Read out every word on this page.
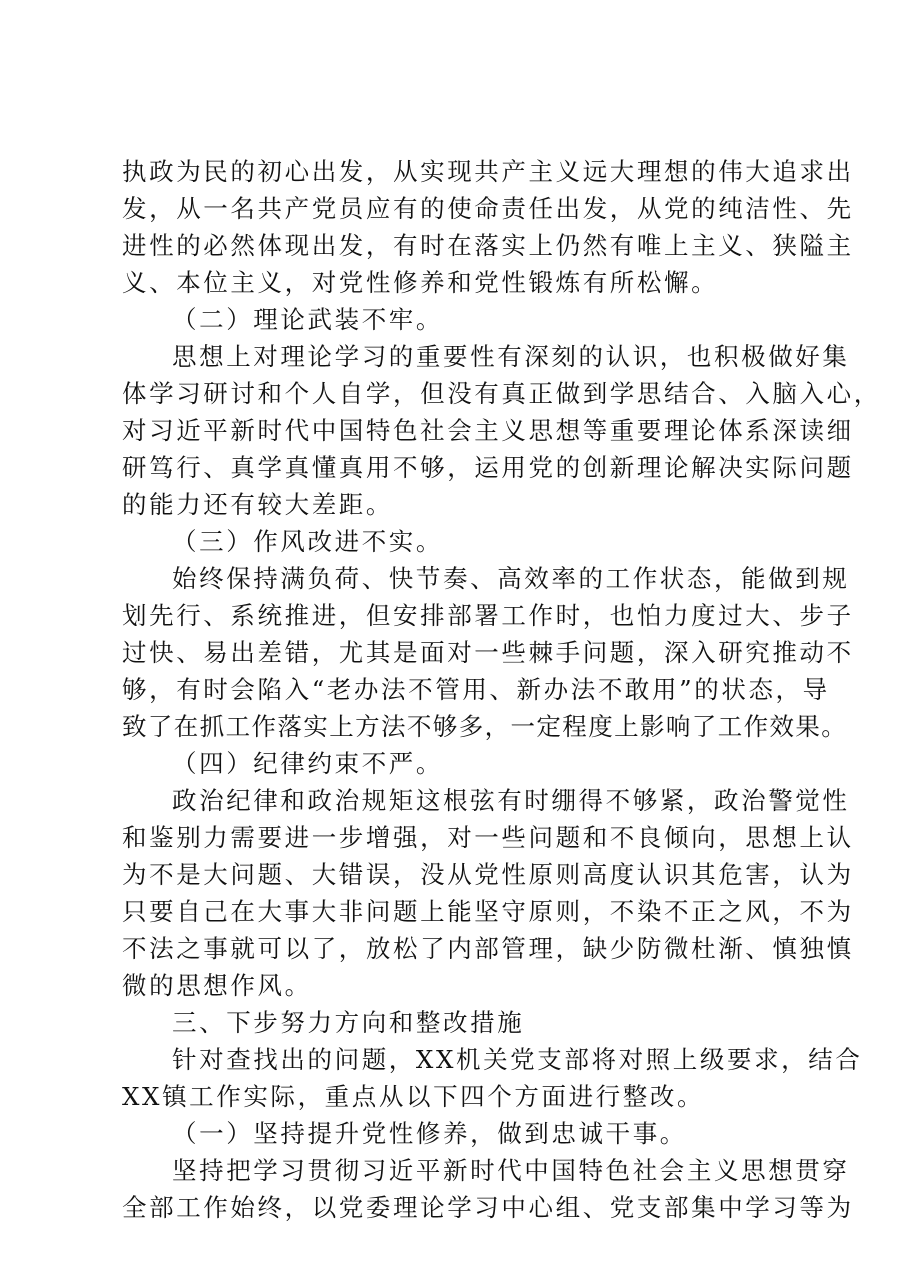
执政为民的初心出发，从实现共产主义远大理想的伟大追求出
发，从一名共产党员应有的使命责任出发，从党的纯洁性、先
进性的必然体现出发，有时在落实上仍然有唯上主义、狭隘主
义、本位主义，对党性修养和党性锻炼有所松懈。
（二）理论武装不牢。
思想上对理论学习的重要性有深刻的认识，也积极做好集
体学习研讨和个人自学，但没有真正做到学思结合、入脑入心，
对习近平新时代中国特色社会主义思想等重要理论体系深读细
研笃行、真学真懂真用不够，运用党的创新理论解决实际问题
的能力还有较大差距。
（三）作风改进不实。
始终保持满负荷、快节奏、高效率的工作状态，能做到规
划先行、系统推进，但安排部署工作时，也怕力度过大、步子
过快、易出差错，尤其是面对一些棘手问题，深入研究推动不
够，有时会陷入“老办法不管用、新办法不敢用”的状态，导
致了在抓工作落实上方法不够多，一定程度上影响了工作效果。
（四）纪律约束不严。
政治纪律和政治规矩这根弦有时绷得不够紧，政治警觉性
和鉴别力需要进一步增强，对一些问题和不良倾向，思想上认
为不是大问题、大错误，没从党性原则高度认识其危害，认为
只要自己在大事大非问题上能坚守原则，不染不正之风，不为
不法之事就可以了，放松了内部管理，缺少防微杜渐、慎独慎
微的思想作风。
三、下步努力方向和整改措施
针对查找出的问题，XX机关党支部将对照上级要求，结合
XX镇工作实际，重点从以下四个方面进行整改。
（一）坚持提升党性修养，做到忠诚干事。
坚持把学习贯彻习近平新时代中国特色社会主义思想贯穿
全部工作始终，以党委理论学习中心组、党支部集中学习等为
